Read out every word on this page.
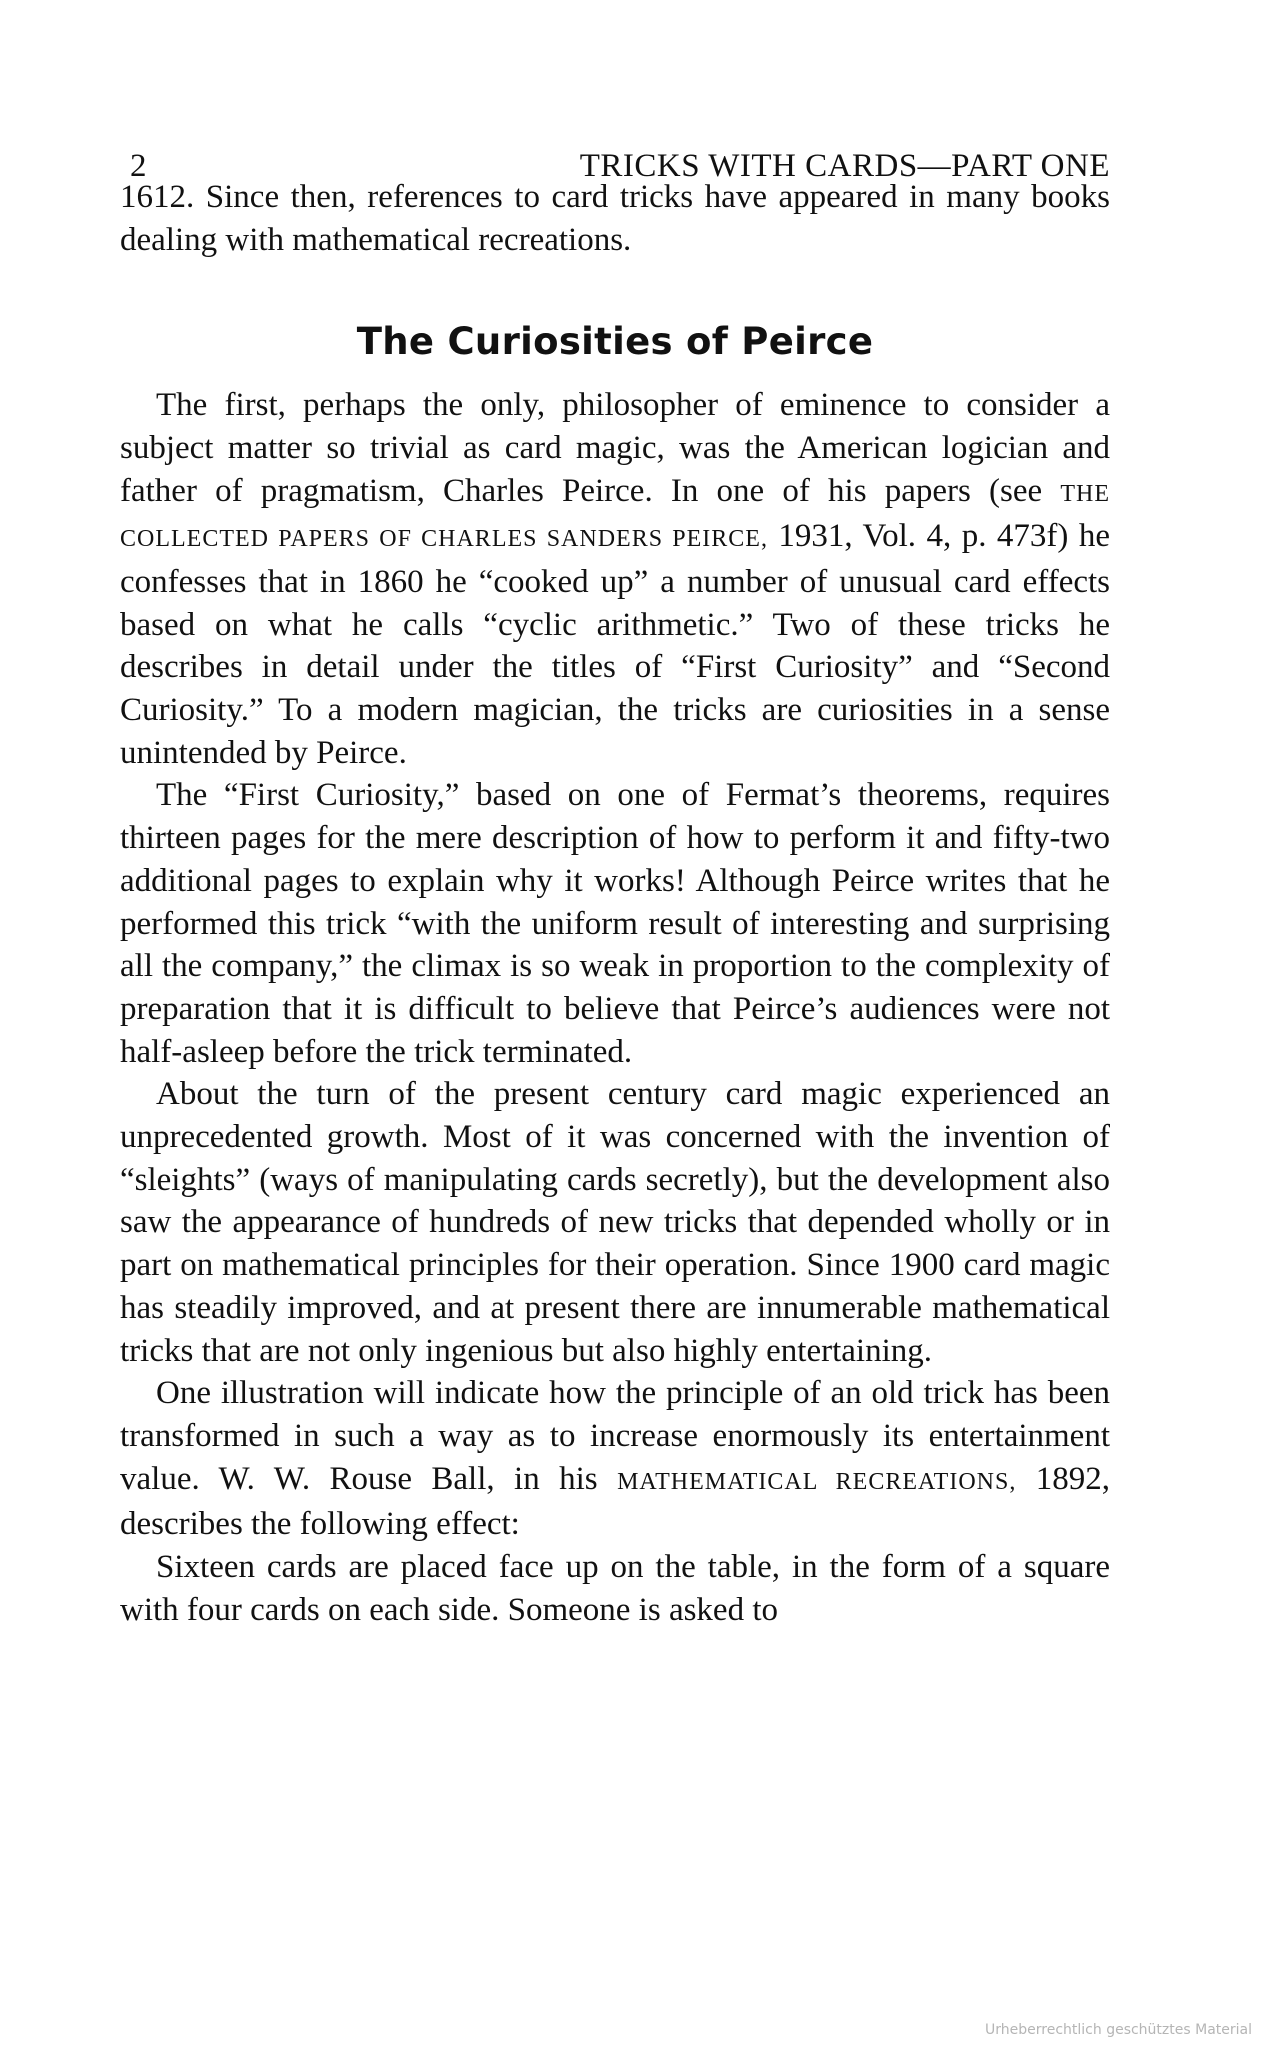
2	TRICKS WITH CARDS—PART ONE

1612. Since then, references to card tricks have appeared in many books dealing with mathematical recreations.

The Curiosities of Peirce

The first, perhaps the only, philosopher of eminence to consider a subject matter so trivial as card magic, was the American logician and father of pragmatism, Charles Peirce. In one of his papers (see THE COLLECTED PAPERS OF CHARLES SANDERS PEIRCE, 1931, Vol. 4, p. 473f) he confesses that in 1860 he “cooked up” a number of unusual card effects based on what he calls “cyclic arithmetic.” Two of these tricks he describes in detail under the titles of “First Curiosity” and “Second Curiosity.” To a modern magician, the tricks are curiosities in a sense unintended by Peirce.

The “First Curiosity,” based on one of Fermat’s theorems, requires thirteen pages for the mere description of how to perform it and fifty-two additional pages to explain why it works! Although Peirce writes that he performed this trick “with the uniform result of interesting and surprising all the company,” the climax is so weak in proportion to the complexity of preparation that it is difficult to believe that Peirce’s audiences were not half-asleep before the trick terminated.

About the turn of the present century card magic experienced an unprecedented growth. Most of it was concerned with the invention of “sleights” (ways of manipulating cards secretly), but the development also saw the appearance of hundreds of new tricks that depended wholly or in part on mathematical principles for their operation. Since 1900 card magic has steadily improved, and at present there are innumerable mathematical tricks that are not only ingenious but also highly entertaining.

One illustration will indicate how the principle of an old trick has been transformed in such a way as to increase enormously its entertainment value. W. W. Rouse Ball, in his MATHEMATICAL RECREATIONS, 1892, describes the following effect:

Sixteen cards are placed face up on the table, in the form of a square with four cards on each side. Someone is asked to

Urheberrechtlich geschütztes Material
